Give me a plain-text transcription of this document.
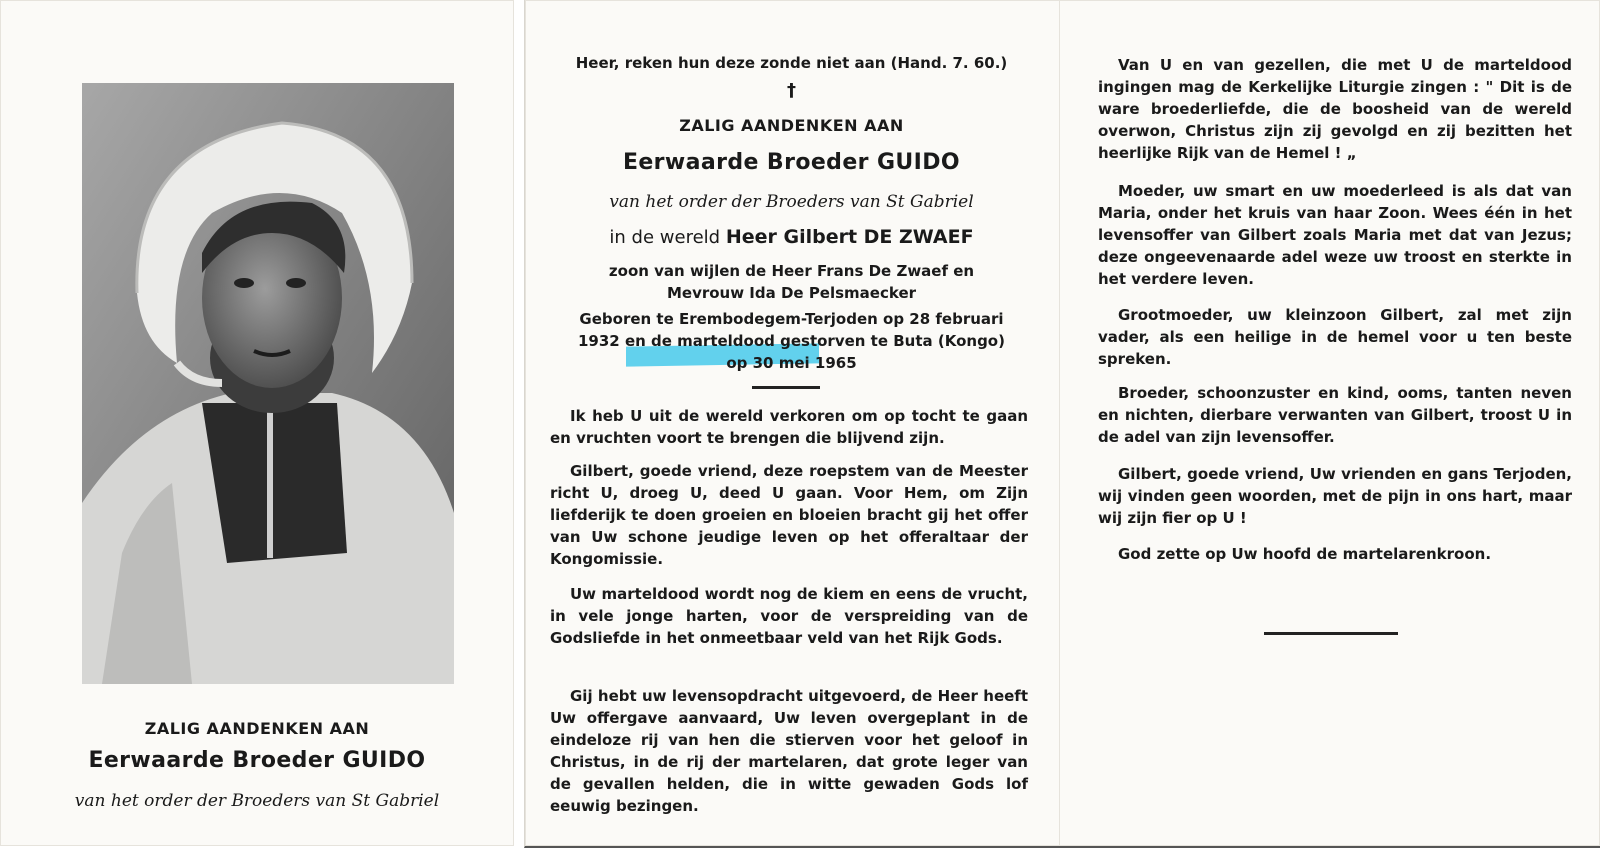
ZALIG AANDENKEN AAN
Eerwaarde Broeder GUIDO
van het order der Broeders van St Gabriel
Heer, reken hun deze zonde niet aan (Hand. 7. 60.)
†
ZALIG AANDENKEN AAN
Eerwaarde Broeder GUIDO
van het order der Broeders van St Gabriel
in de wereld Heer Gilbert DE ZWAEF
zoon van wijlen de Heer Frans De Zwaef en
Mevrouw Ida De Pelsmaecker
Geboren te Erembodegem-Terjoden op 28 februari
1932 en de marteldood gestorven te Buta (Kongo)
op 30 mei 1965

Ik heb U uit de wereld verkoren om op tocht te gaan en vruchten voort te brengen die blijvend zijn.

Gilbert, goede vriend, deze roepstem van de Meester richt U, droeg U, deed U gaan. Voor Hem, om Zijn liefderijk te doen groeien en bloeien bracht gij het offer van Uw schone jeudige leven op het offeraltaar der Kongomissie.

Uw marteldood wordt nog de kiem en eens de vrucht, in vele jonge harten, voor de verspreiding van de Godsliefde in het onmeetbaar veld van het Rijk Gods.

Gij hebt uw levensopdracht uitgevoerd, de Heer heeft Uw offergave aanvaard, Uw leven overgeplant in de eindeloze rij van hen die stierven voor het geloof in Christus, in de rij der martelaren, dat grote leger van de gevallen helden, die in witte gewaden Gods lof eeuwig bezingen.

Van U en van gezellen, die met U de marteldood ingingen mag de Kerkelijke Liturgie zingen : " Dit is de ware broederliefde, die de boosheid van de wereld overwon, Christus zijn zij gevolgd en zij bezitten het heerlijke Rijk van de Hemel ! „

Moeder, uw smart en uw moederleed is als dat van Maria, onder het kruis van haar Zoon. Wees één in het levensoffer van Gilbert zoals Maria met dat van Jezus; deze ongeevenaarde adel weze uw troost en sterkte in het verdere leven.

Grootmoeder, uw kleinzoon Gilbert, zal met zijn vader, als een heilige in de hemel voor u ten beste spreken.

Broeder, schoonzuster en kind, ooms, tanten neven en nichten, dierbare verwanten van Gilbert, troost U in de adel van zijn levensoffer.

Gilbert, goede vriend, Uw vrienden en gans Terjoden, wij vinden geen woorden, met de pijn in ons hart, maar wij zijn fier op U !

God zette op Uw hoofd de martelarenkroon.
